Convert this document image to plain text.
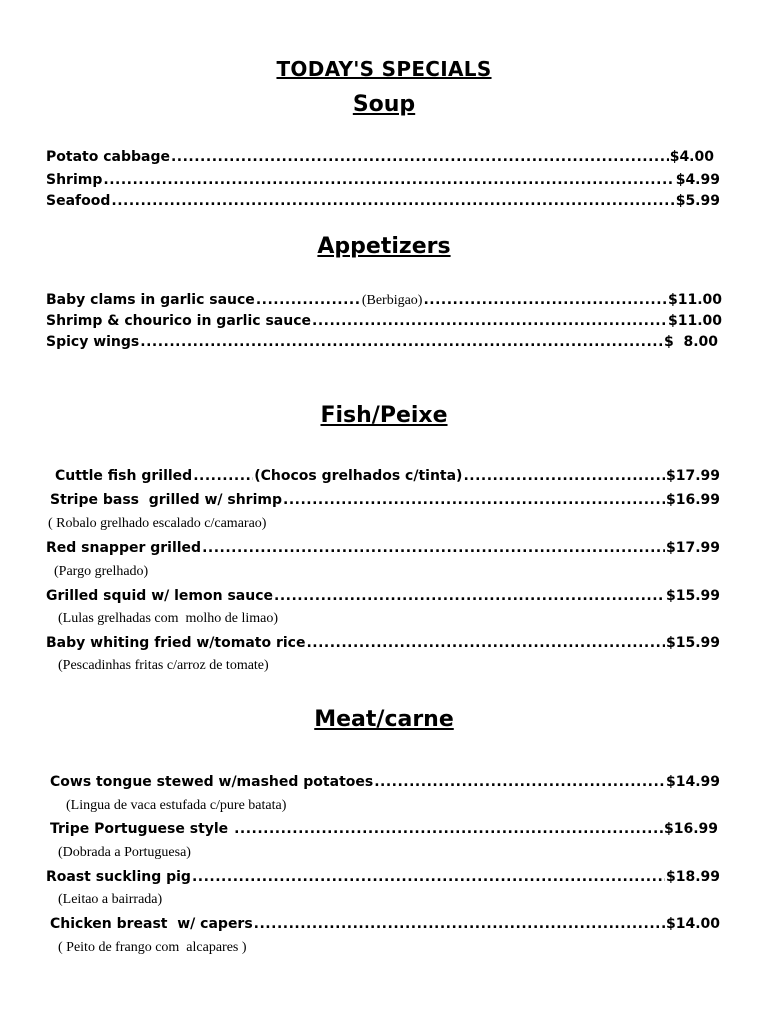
TODAY'S SPECIALS
Soup
Potato cabbage .....	$4.00
Shrimp .....	$4.99
Seafood .....	$5.99
Appetizers
Baby clams in garlic sauce .....	(Berbigao) .....	$11.00
Shrimp & chourico in garlic sauce .....	$11.00
Spicy wings .....	$  8.00
Fish/Peixe
Cuttle fish grilled .....	(Chocos grelhados c/tinta) .....	$17.99
Stripe bass  grilled w/ shrimp .....	$16.99
( Robalo grelhado escalado c/camarao)
Red snapper grilled .....	$17.99
(Pargo grelhado)
Grilled squid w/ lemon sauce .....	$15.99
(Lulas grelhadas com  molho de limao)
Baby whiting fried w/tomato rice .....	$15.99
(Pescadinhas fritas c/arroz de tomate)
Meat/carne
Cows tongue stewed w/mashed potatoes .....	$14.99
(Lingua de vaca estufada c/pure batata)
Tripe Portuguese style .....	$16.99
(Dobrada a Portuguesa)
Roast suckling pig .....	$18.99
(Leitao a bairrada)
Chicken breast  w/ capers .....	$14.00
( Peito de frango com  alcapares )
